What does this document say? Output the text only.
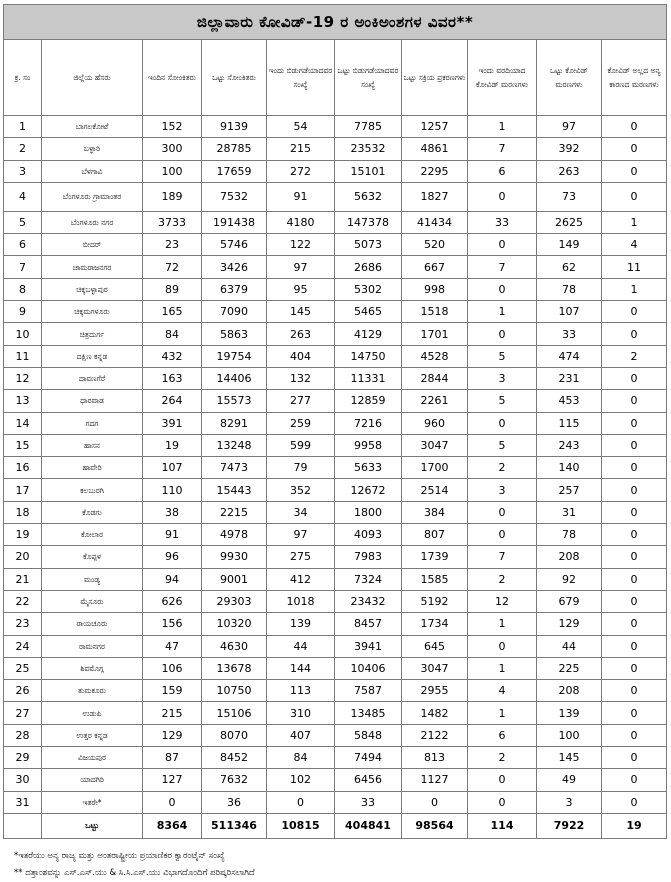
ಜಿಲ್ಲಾವಾರು ಕೋವಿಡ್-19 ರ ಅಂಕಿಅಂಶಗಳ ವಿವರ**									
ಕ್ರ. ಸಂ	ಜಿಲ್ಲೆಯ ಹೆಸರು	ಇಂದಿನ ಸೋಂಕಿತರು	ಒಟ್ಟು ಸೋಂಕಿತರು	ಇಂದು ಬಿಡುಗಡೆಯಾದವರ ಸಂಖ್ಯೆ	ಒಟ್ಟು ಬಿಡುಗಡೆಯಾದವರ ಸಂಖ್ಯೆ	ಒಟ್ಟು ಸಕ್ರಿಯ ಪ್ರಕರಣಗಳು	ಇಂದು ವರದಿಯಾದ ಕೋವಿಡ್ ಮರಣಗಳು	ಒಟ್ಟು ಕೋವಿಡ್ ಮರಣಗಳು	ಕೋವಿಡ್ ಅಲ್ಲದ ಅನ್ಯ ಕಾರಣದ ಮರಣಗಳು
1	ಬಾಗಲಕೋಟೆ	152	9139	54	7785	1257	1	97	0
2	ಬಳ್ಳಾರಿ	300	28785	215	23532	4861	7	392	0
3	ಬೆಳಗಾವಿ	100	17659	272	15101	2295	6	263	0
4	ಬೆಂಗಳೂರು ಗ್ರಾಮಾಂತರ	189	7532	91	5632	1827	0	73	0
5	ಬೆಂಗಳೂರು ನಗರ	3733	191438	4180	147378	41434	33	2625	1
6	ಬೀದರ್	23	5746	122	5073	520	0	149	4
7	ಚಾಮರಾಜನಗರ	72	3426	97	2686	667	7	62	11
8	ಚಿಕ್ಕಬಳ್ಳಾಪುರ	89	6379	95	5302	998	0	78	1
9	ಚಿಕ್ಕಮಗಳೂರು	165	7090	145	5465	1518	1	107	0
10	ಚಿತ್ರದುರ್ಗ	84	5863	263	4129	1701	0	33	0
11	ದಕ್ಷಿಣ ಕನ್ನಡ	432	19754	404	14750	4528	5	474	2
12	ದಾವಣಗೆರೆ	163	14406	132	11331	2844	3	231	0
13	ಧಾರವಾಡ	264	15573	277	12859	2261	5	453	0
14	ಗದಗ	391	8291	259	7216	960	0	115	0
15	ಹಾಸನ	19	13248	599	9958	3047	5	243	0
16	ಹಾವೇರಿ	107	7473	79	5633	1700	2	140	0
17	ಕಲಬುರಗಿ	110	15443	352	12672	2514	3	257	0
18	ಕೊಡಗು	38	2215	34	1800	384	0	31	0
19	ಕೋಲಾರ	91	4978	97	4093	807	0	78	0
20	ಕೊಪ್ಪಳ	96	9930	275	7983	1739	7	208	0
21	ಮಂಡ್ಯ	94	9001	412	7324	1585	2	92	0
22	ಮೈಸೂರು	626	29303	1018	23432	5192	12	679	0
23	ರಾಯಚೂರು	156	10320	139	8457	1734	1	129	0
24	ರಾಮನಗರ	47	4630	44	3941	645	0	44	0
25	ಶಿವಮೊಗ್ಗ	106	13678	144	10406	3047	1	225	0
26	ತುಮಕೂರು	159	10750	113	7587	2955	4	208	0
27	ಉಡುಪಿ	215	15106	310	13485	1482	1	139	0
28	ಉತ್ತರ ಕನ್ನಡ	129	8070	407	5848	2122	6	100	0
29	ವಿಜಯಪುರ	87	8452	84	7494	813	2	145	0
30	ಯಾದಗಿರಿ	127	7632	102	6456	1127	0	49	0
31	ಇತರೇ*	0	36	0	33	0	0	3	0
	ಒಟ್ಟು	8364	511346	10815	404841	98564	114	7922	19
*ಇತರೆಯು ಅನ್ಯ ರಾಜ್ಯ ಮತ್ತು ಅಂತರಾಷ್ಟ್ರೀಯ ಪ್ರಯಾಣಿಕರ ಕ್ವಾರಂಟೈನ್ ಸಂಖ್ಯೆ
** ದತ್ತಾಂಶವನ್ನು ಎಸ್.ಎಸ್.ಯು & ಸಿ.ಸಿ.ಎಸ್.ಯು ವಿಭಾಗದೊಂದಿಗೆ ಪರಿಷ್ಕರಿಸಲಾಗಿದೆ
